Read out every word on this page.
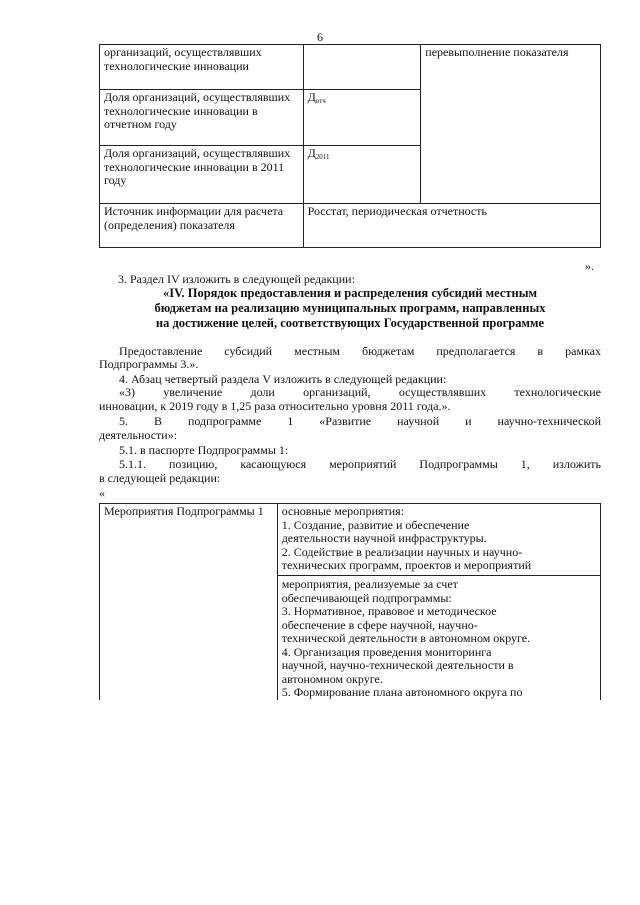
6
организаций, осуществлявших технологические инновации		перевыполнение показателя
Доля организаций, осуществлявших технологические инновации в отчетном году	$Д_{отч}$
Доля организаций, осуществлявших технологические инновации в 2011 году	$Д_{2011}$
Источник информации для расчета (определения) показателя	Росстат, периодическая отчетность	
».
3. Раздел IV изложить в следующей редакции:
«IV. Порядок предоставления и распределения субсидий местным
бюджетам на реализацию муниципальных программ, направленных
на достижение целей, соответствующих Государственной программе
Предоставление субсидий местным бюджетам предполагается в рамках
Подпрограммы 3.».
4. Абзац четвертый раздела V изложить в следующей редакции:
«3) увеличение доли организаций, осуществлявших технологические
инновации, к 2019 году в 1,25 раза относительно уровня 2011 года.».
5. В подпрограмме 1 «Развитие научной и научно-технической
деятельности»:
5.1. в паспорте Подпрограммы 1:
5.1.1. позицию, касающуюся мероприятий Подпрограммы 1, изложить
в следующей редакции:
«
Мероприятия Подпрограммы 1	основные мероприятия:
1. Создание, развитие и обеспечение
деятельности научной инфраструктуры.
2. Содействие в реализации научных и научно-
технических программ, проектов и мероприятий

мероприятия, реализуемые за счет
обеспечивающей подпрограммы:
3. Нормативное, правовое и методическое
обеспечение в сфере научной, научно-
технической деятельности в автономном округе.
4. Организация проведения мониторинга
научной, научно-технической деятельности в
автономном округе.
5. Формирование плана автономного округа по
